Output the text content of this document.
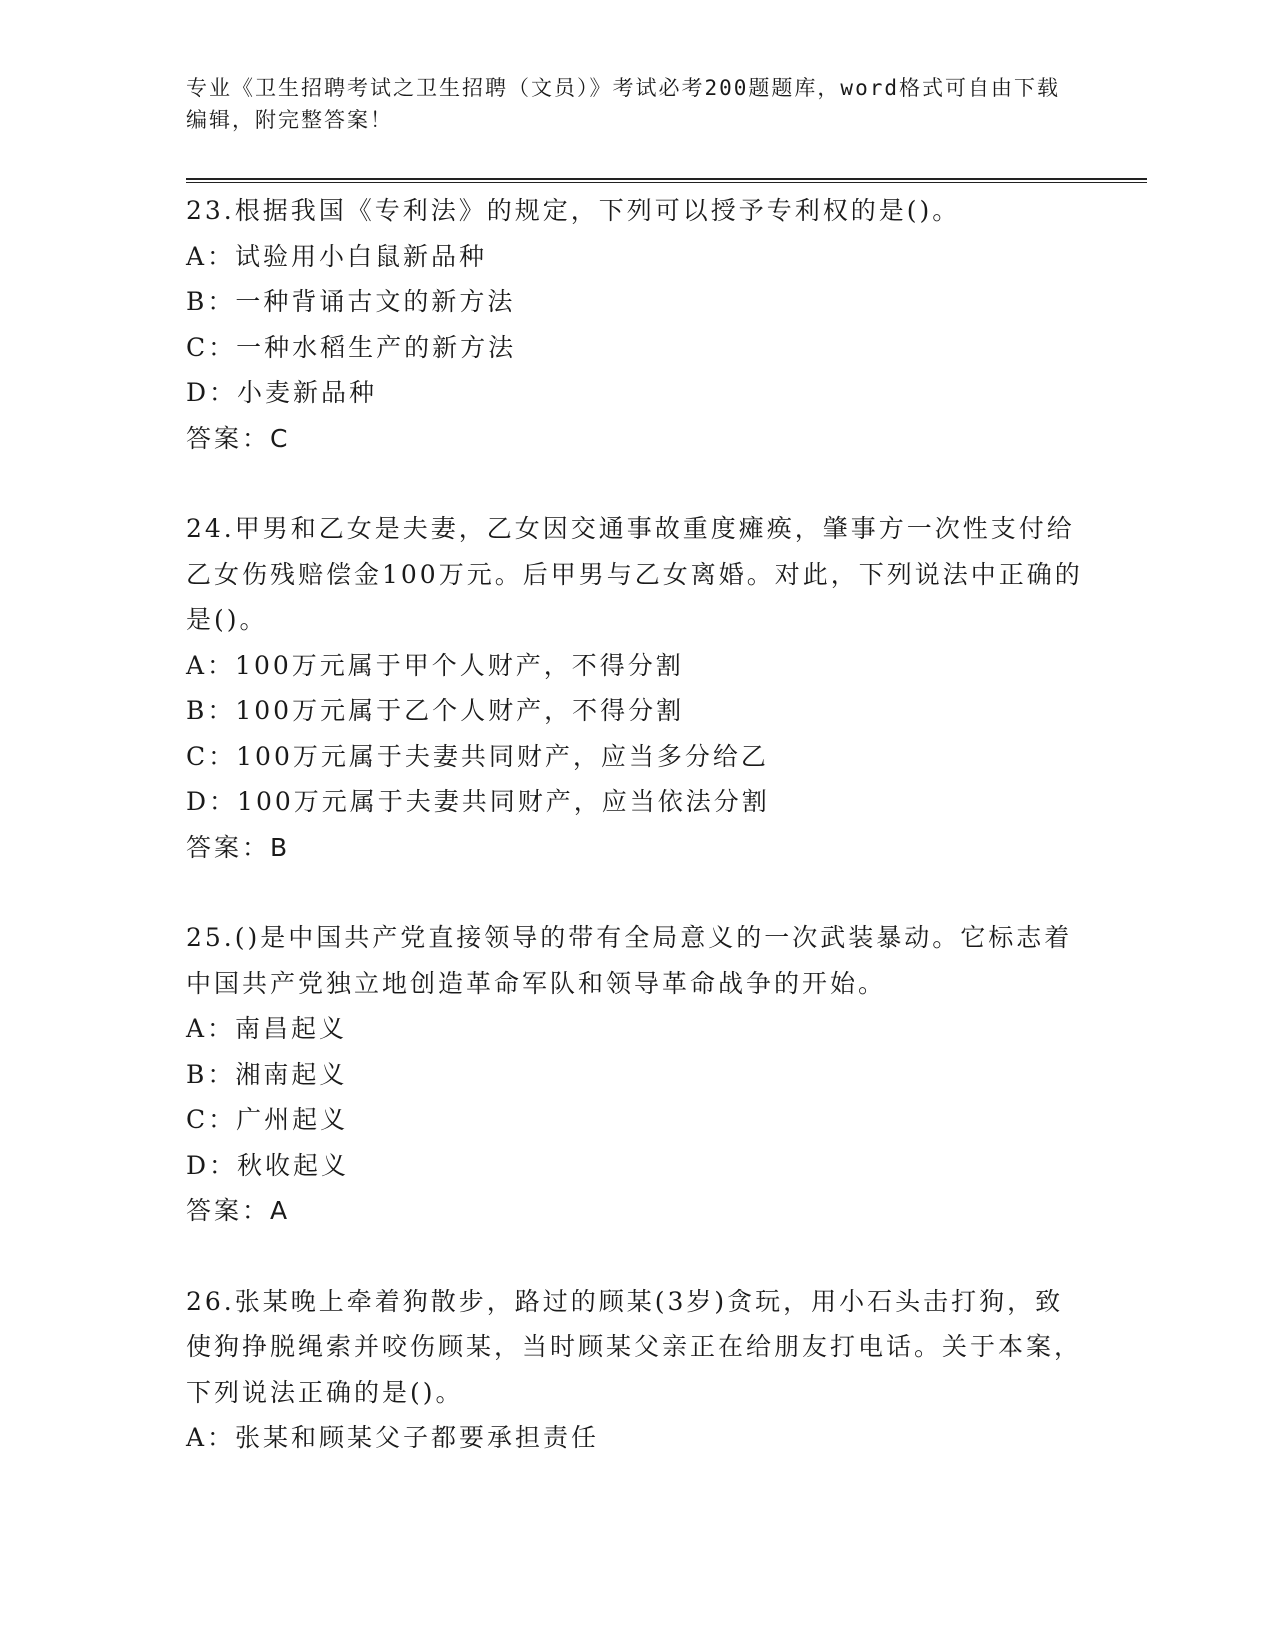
专业《卫生招聘考试之卫生招聘（文员）》考试必考200题题库，word格式可自由下载编辑，附完整答案！
23.根据我国《专利法》的规定，下列可以授予专利权的是()。
A：试验用小白鼠新品种
B：一种背诵古文的新方法
C：一种水稻生产的新方法
D：小麦新品种
答案：C
24.甲男和乙女是夫妻，乙女因交通事故重度瘫痪，肇事方一次性支付给乙女伤残赔偿金100万元。后甲男与乙女离婚。对此，下列说法中正确的是()。
A：100万元属于甲个人财产，不得分割
B：100万元属于乙个人财产，不得分割
C：100万元属于夫妻共同财产，应当多分给乙
D：100万元属于夫妻共同财产，应当依法分割
答案：B
25.()是中国共产党直接领导的带有全局意义的一次武装暴动。它标志着中国共产党独立地创造革命军队和领导革命战争的开始。
A：南昌起义
B：湘南起义
C：广州起义
D：秋收起义
答案：A
26.张某晚上牵着狗散步，路过的顾某(3岁)贪玩，用小石头击打狗，致使狗挣脱绳索并咬伤顾某，当时顾某父亲正在给朋友打电话。关于本案，下列说法正确的是()。
A：张某和顾某父子都要承担责任
